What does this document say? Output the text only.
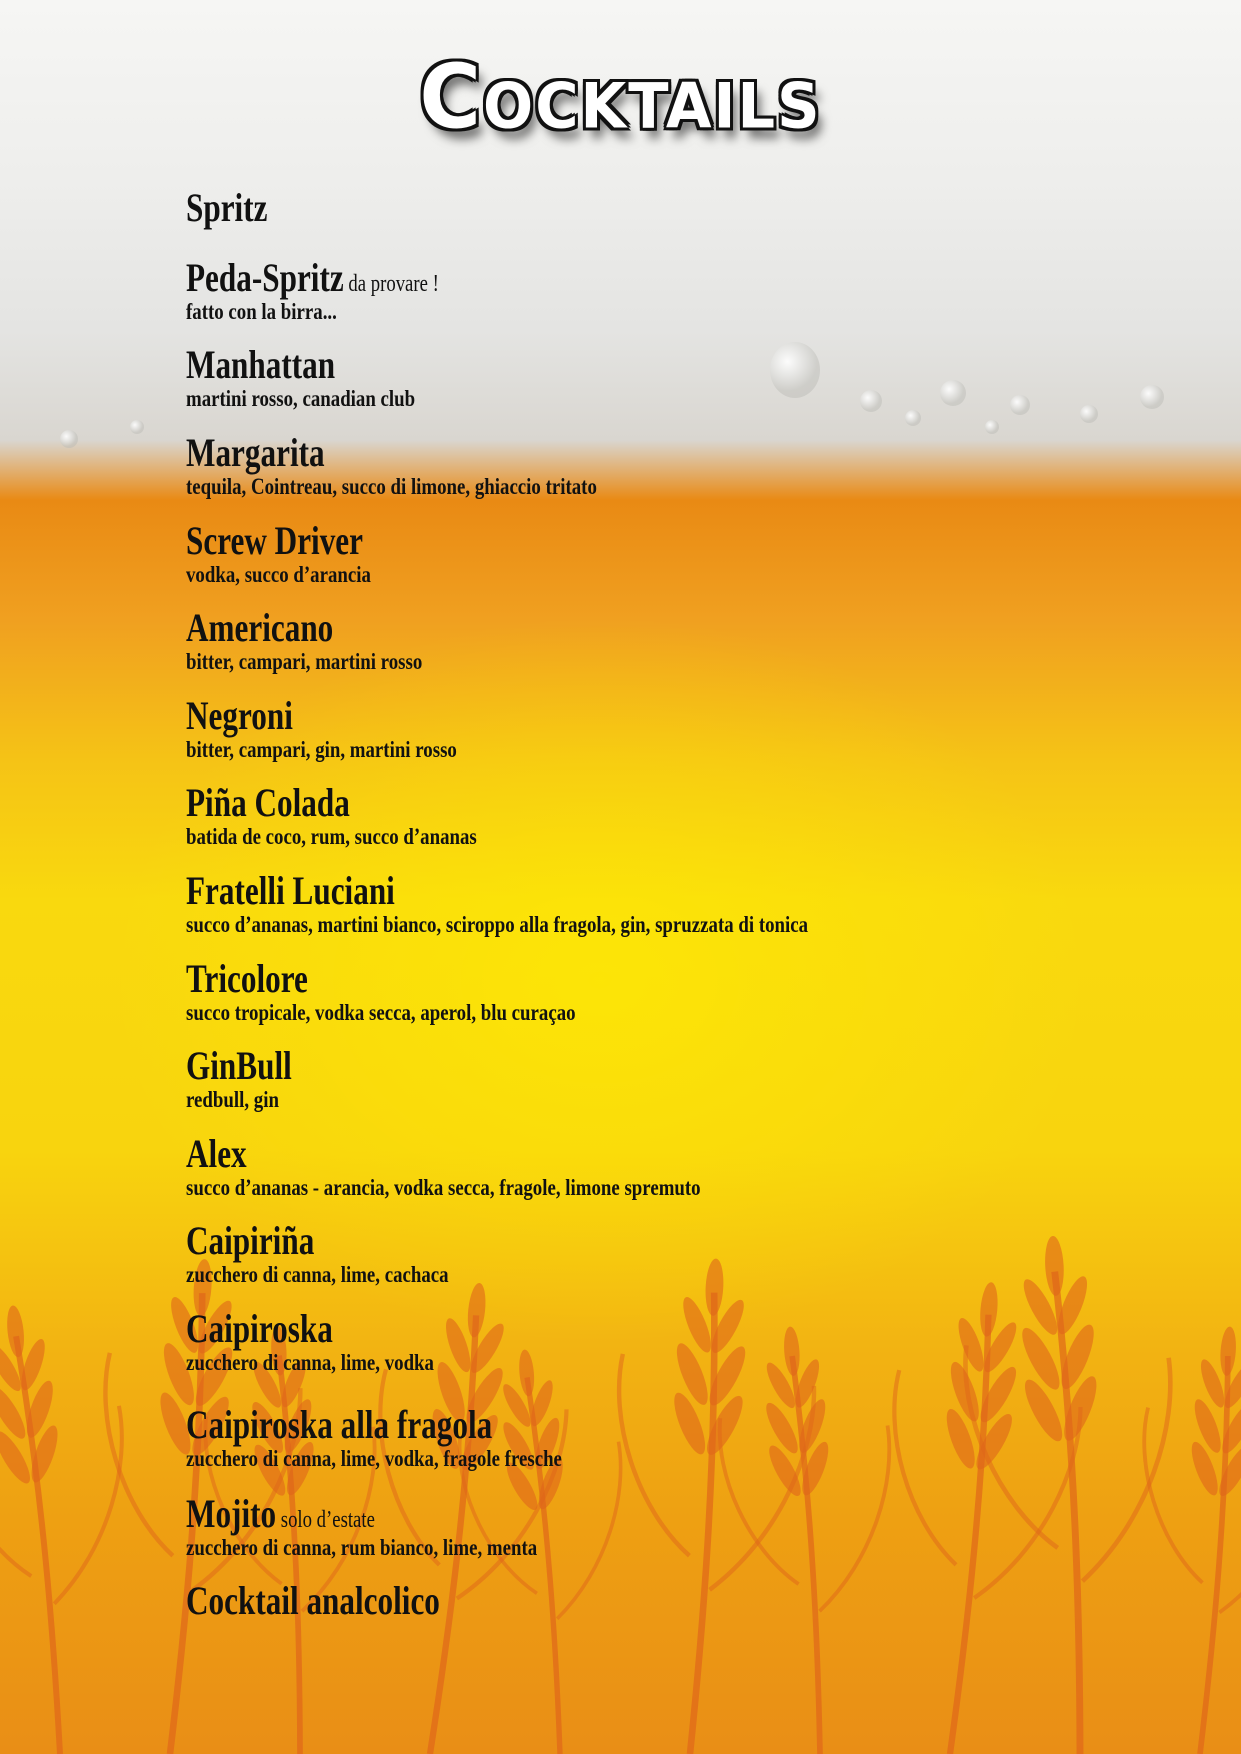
Cocktails
Spritz
Peda-Spritz da provare !
fatto con la birra...
Manhattan
martini rosso, canadian club
Margarita
tequila, Cointreau, succo di limone, ghiaccio tritato
Screw Driver
vodka, succo d’arancia
Americano
bitter, campari, martini rosso
Negroni
bitter, campari, gin, martini rosso
Piña Colada
batida de coco, rum, succo d’ananas
Fratelli Luciani
succo d’ananas, martini bianco, sciroppo alla fragola, gin, spruzzata di tonica
Tricolore
succo tropicale, vodka secca, aperol, blu curaçao
GinBull
redbull, gin
Alex
succo d’ananas - arancia, vodka secca, fragole, limone spremuto
Caipiriña
zucchero di canna, lime, cachaca
Caipiroska
zucchero di canna, lime, vodka
Caipiroska alla fragola
zucchero di canna, lime, vodka, fragole fresche
Mojito solo d’estate
zucchero di canna, rum bianco, lime, menta
Cocktail analcolico
